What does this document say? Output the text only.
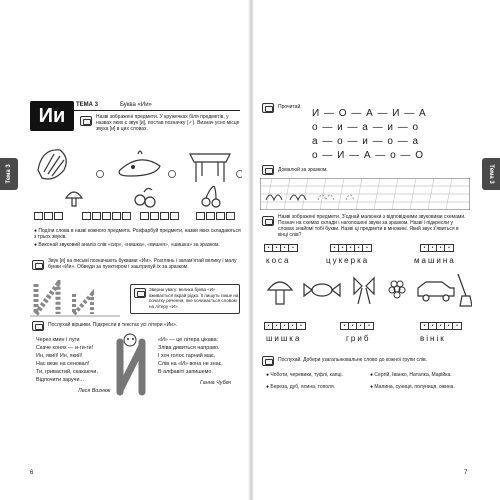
Тема 3	Тема 3
Ии	ТЕМА 3	Буква «Ии»
Назві зображені предмети. У кружечках біля предметів, у назвах яких є звук [и], постав позначку (✓). Визнач усно місце звука [и] в цих словах.
● Поділи слова в назві кожного предмета. Розфарбуй предмети, назви яких складаються з трьох звуків.
● Виконай звуковий аналіз слів «сир», «нишка», «вишня», «шишка» за зразком.
Звук [и] на письмі позначають буквами «Ии». Розглянь і запам'ятай велику і малу букви «Ии». Обведи за пунктиром і заштрихуй їх за зразком.
Зверни увагу: велика буква «И» вживається вкрай рідко. Її пишуть лише на початку речення, яке починається словом на літеру «И».
Послухай віршики. Підкресли в текстах усі літери «Ии».
Через кмин і луги
Скаче конях — и-ги-ги!
Ин, якиїі! Ин, якиїі!
Нас везе на сеновал!
Ти, гривастий, скакаючи,
Відпочити заручи...
Леся Вознюк
«И» — це літера цікава:
Зліва дивиться направо.
І хоч голос гарний має,
Слів на «И» вона не знає.
В алфавіті запишемо.
Ганна Чубач
6
Прочитай.
И — О — А — И — А
о — и — а — и — о
а — о — и — о — а
о — И — А — о — О
Домалюй за зразком.
Назві зображені предмети. З'єднай малюнки з відповідними звуковими схемами. Познач на схемах склади і наголошені звуки за зразком. Назві і підкресли у словах знайомі тобі букви. Назві ці предмети в множині. Який звук з'явиться в кінці слів?
•	•	•	•	•	•	•	•	•	•	•	•	•
коса	цукерка	машина
•	•	•	•	•	•	•	•	•	•	•	•	•	•
шишка	гриб	вінік
Послухай. Добери узагальнювальне слово до кожної групи слів.
● Чоботи, черевики, туфлі, капці.
● Береза, дуб, ялина, тополя.
● Сергій, Іванко, Наталка, Марійка.
● Малина, суниця, полуниця, ожина.
7
